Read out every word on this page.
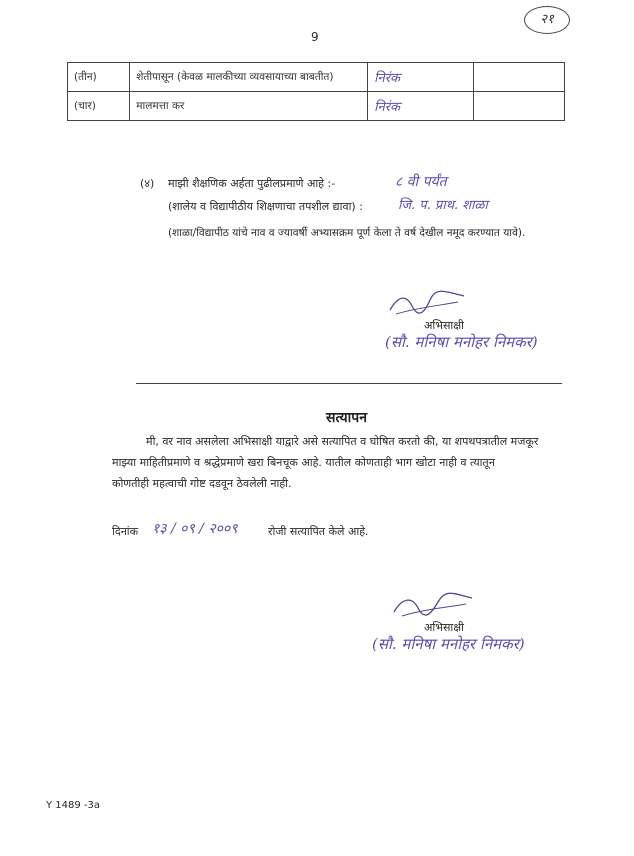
२१
9
(तीन)	शेतीपासून (केवळ मालकीच्या व्यवसायाच्या बाबतीत)	निरंक	
(चार)	मालमत्ता कर	निरंक	
(४) माझी शैक्षणिक अर्हता पुढीलप्रमाणे आहे :-	८ वी पर्यंत
(शालेय व विद्यापीठीय शिक्षणाचा तपशील द्यावा) :	जि. प. प्राथ. शाळा
(शाळा/विद्यापीठ यांचे नाव व ज्यावर्षी अभ्यासक्रम पूर्ण केला ते वर्ष देखील नमूद करण्यात यावे).
अभिसाक्षी
(सौ. मनिषा मनोहर निमकर)
सत्यापन
मी, वर नाव असलेला अभिसाक्षी याद्वारे असे सत्यापित व घोषित करतो की, या शपथपत्रातील मजकूर
माझ्या माहितीप्रमाणे व श्रद्धेप्रमाणे खरा बिनचूक आहे. यातील कोणताही भाग खोटा नाही व त्यातून
कोणतीही महत्वाची गोष्ट दडवून ठेवलेली नाही.
दिनांक १३ / ०९ / २००९	रोजी सत्यापित केले आहे.
अभिसाक्षी
(सौ. मनिषा मनोहर निमकर)
Y 1489 -3a
